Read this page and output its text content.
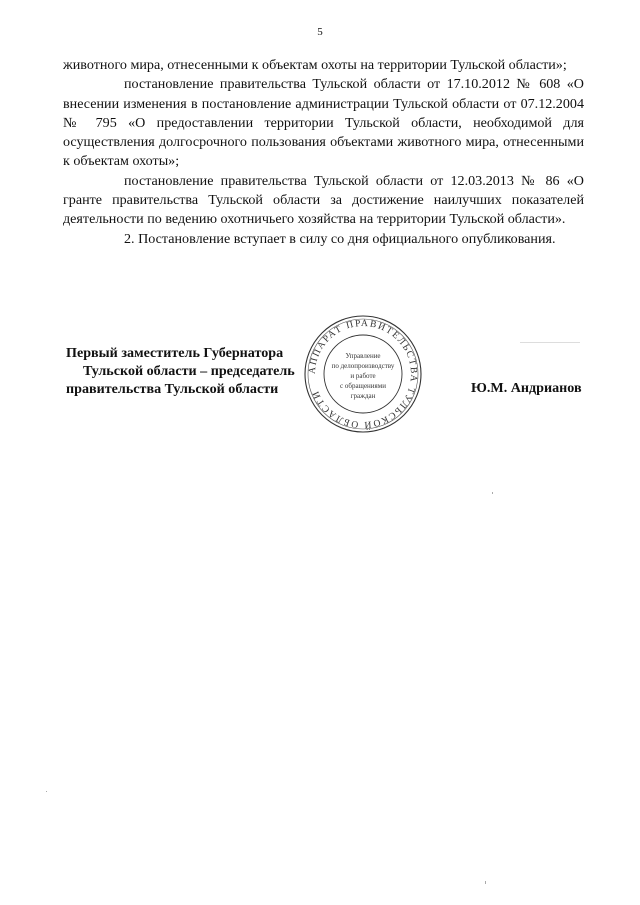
5

животного мира, отнесенными к объектам охоты на территории Тульской области»;

постановление правительства Тульской области от 17.10.2012 № 608 «О внесении изменения в постановление администрации Тульской области от 07.12.2004 № 795 «О предоставлении территории Тульской области, необходимой для осуществления долгосрочного пользования объектами животного мира, отнесенными к объектам охоты»;

постановление правительства Тульской области от 12.03.2013 № 86 «О гранте правительства Тульской области за достижение наилучших показателей деятельности по ведению охотничьего хозяйства на территории Тульской области».

2. Постановление вступает в силу со дня официального опубликования.

Первый заместитель Губернатора
Тульской области – председатель
правительства Тульской области	Ю.М. Андрианов
АППАРАТ ПРАВИТЕЛЬСТВА ТУЛЬСКОЙ ОБЛАСТИ
Управление
по делопроизводству
и работе
с обращениями
граждан
